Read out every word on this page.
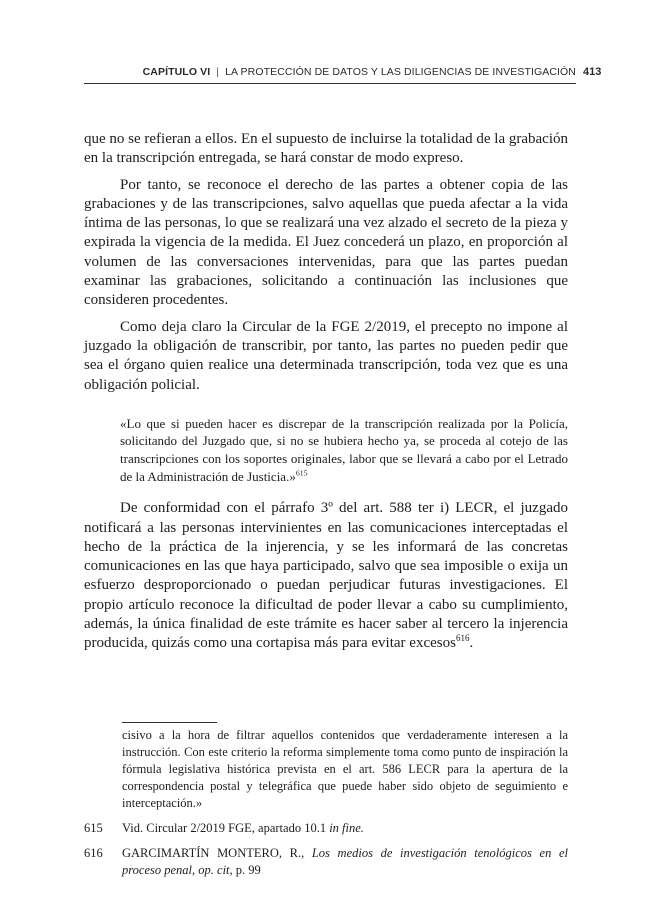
CAPÍTULO VI | LA PROTECCIÓN DE DATOS Y LAS DILIGENCIAS DE INVESTIGACIÓN 413

que no se refieran a ellos. En el supuesto de incluirse la totalidad de la grabación en la transcripción entregada, se hará constar de modo expreso.

Por tanto, se reconoce el derecho de las partes a obtener copia de las grabaciones y de las transcripciones, salvo aquellas que pueda afectar a la vida íntima de las personas, lo que se realizará una vez alzado el secreto de la pieza y expirada la vigencia de la medida. El Juez concederá un plazo, en proporción al volumen de las conversaciones intervenidas, para que las partes puedan examinar las grabaciones, solicitando a continuación las inclusiones que consideren procedentes.

Como deja claro la Circular de la FGE 2/2019, el precepto no impone al juzgado la obligación de transcribir, por tanto, las partes no pueden pedir que sea el órgano quien realice una determinada transcripción, toda vez que es una obligación policial.

«Lo que si pueden hacer es discrepar de la transcripción realizada por la Policía, solicitando del Juzgado que, si no se hubiera hecho ya, se proceda al cotejo de las transcripciones con los soportes originales, labor que se llevará a cabo por el Letrado de la Administración de Justicia.»$^{615}$

De conformidad con el párrafo 3º del art. 588 ter i) LECR, el juzgado notificará a las personas intervinientes en las comunicaciones interceptadas el hecho de la práctica de la injerencia, y se les informará de las concretas comunicaciones en las que haya participado, salvo que sea imposible o exija un esfuerzo desproporcionado o puedan perjudicar futuras investigaciones. El propio artículo reconoce la dificultad de poder llevar a cabo su cumplimiento, además, la única finalidad de este trámite es hacer saber al tercero la injerencia producida, quizás como una cortapisa más para evitar excesos$^{616}$.

cisivo a la hora de filtrar aquellos contenidos que verdaderamente interesen a la instrucción. Con este criterio la reforma simplemente toma como punto de inspiración la fórmula legislativa histórica prevista en el art. 586 LECR para la apertura de la correspondencia postal y telegráfica que puede haber sido objeto de seguimiento e interceptación.»
615	Vid. Circular 2/2019 FGE, apartado 10.1 in fine.
616	GARCIMARTÍN MONTERO, R., Los medios de investigación tenológicos en el proceso penal, op. cit, p. 99
